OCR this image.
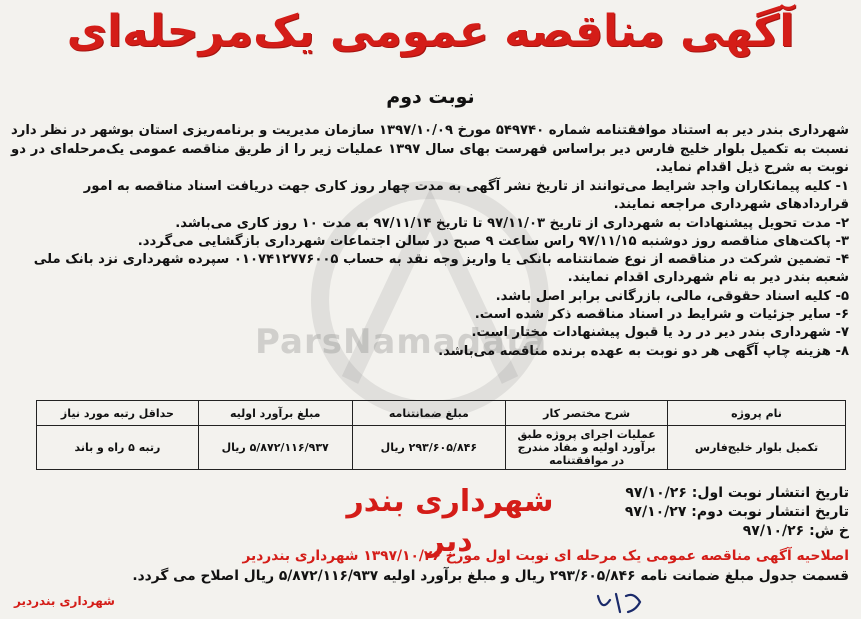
ParsNamadata
آگهی مناقصه عمومی یک‌مرحله‌ای
نوبت دوم
شهرداری بندر دیر به استناد موافقتنامه شماره ۵۴۹۷۴۰ مورخ ۱۳۹۷/۱۰/۰۹ سازمان مدیریت و برنامه‌ریزی استان بوشهر در نظر دارد نسبت به تکمیل بلوار خلیج فارس دیر براساس فهرست بهای سال ۱۳۹۷ عملیات زیر را از طریق مناقصه عمومی یک‌مرحله‌ای در دو نوبت به شرح ذیل اقدام نماید.
۱- کلیه پیمانکاران واجد شرایط می‌توانند از تاریخ نشر آگهی به مدت چهار روز کاری جهت دریافت اسناد مناقصه به امور قراردادهای شهرداری مراجعه نمایند.
۲- مدت تحویل پیشنهادات به شهرداری از تاریخ ۹۷/۱۱/۰۳ تا تاریخ ۹۷/۱۱/۱۴ به مدت ۱۰ روز کاری می‌باشد.
۳- پاکت‌های مناقصه روز دوشنبه ۹۷/۱۱/۱۵ راس ساعت ۹ صبح در سالن اجتماعات شهرداری بازگشایی می‌گردد.
۴- تضمین شرکت در مناقصه از نوع ضمانتنامه بانکی یا واریز وجه نقد به حساب ۰۱۰۷۴۱۲۷۷۶۰۰۵ سپرده شهرداری نزد بانک ملی شعبه بندر دیر به نام شهرداری اقدام نمایند.
۵- کلیه اسناد حقوقی، مالی، بازرگانی برابر اصل باشد.
۶- سایر جزئیات و شرایط در اسناد مناقصه ذکر شده است.
۷- شهرداری بندر دیر در رد یا قبول پیشنهادات مختار است.
۸- هزینه چاپ آگهی هر دو نوبت به عهده برنده مناقصه می‌باشد.
نام پروژه	شرح مختصر کار	مبلغ ضمانتنامه	مبلغ برآورد اولیه	حداقل رتبه مورد نیاز
تکمیل بلوار خلیج‌فارس	عملیات اجرای پروژه طبق برآورد اولیه و مفاد مندرج در موافقتنامه	۲۹۳/۶۰۵/۸۴۶ ریال	۵/۸۷۲/۱۱۶/۹۳۷ ریال	رتبه ۵ راه و باند
تاریخ انتشار نوبت اول: ۹۷/۱۰/۲۶
تاریخ انتشار نوبت دوم: ۹۷/۱۰/۲۷
خ ش: ۹۷/۱۰/۲۶
شهرداری بندر دیر
اصلاحیه آگهی مناقصه عمومی یک مرحله ای نوبت اول مورخ ۱۳۹۷/۱۰/۲۶ شهرداری بندردیر
قسمت جدول مبلغ ضمانت نامه ۲۹۳/۶۰۵/۸۴۶ ریال و مبلغ برآورد اولیه ۵/۸۷۲/۱۱۶/۹۳۷ ریال اصلاح می گردد.
شهرداری بندردیر
